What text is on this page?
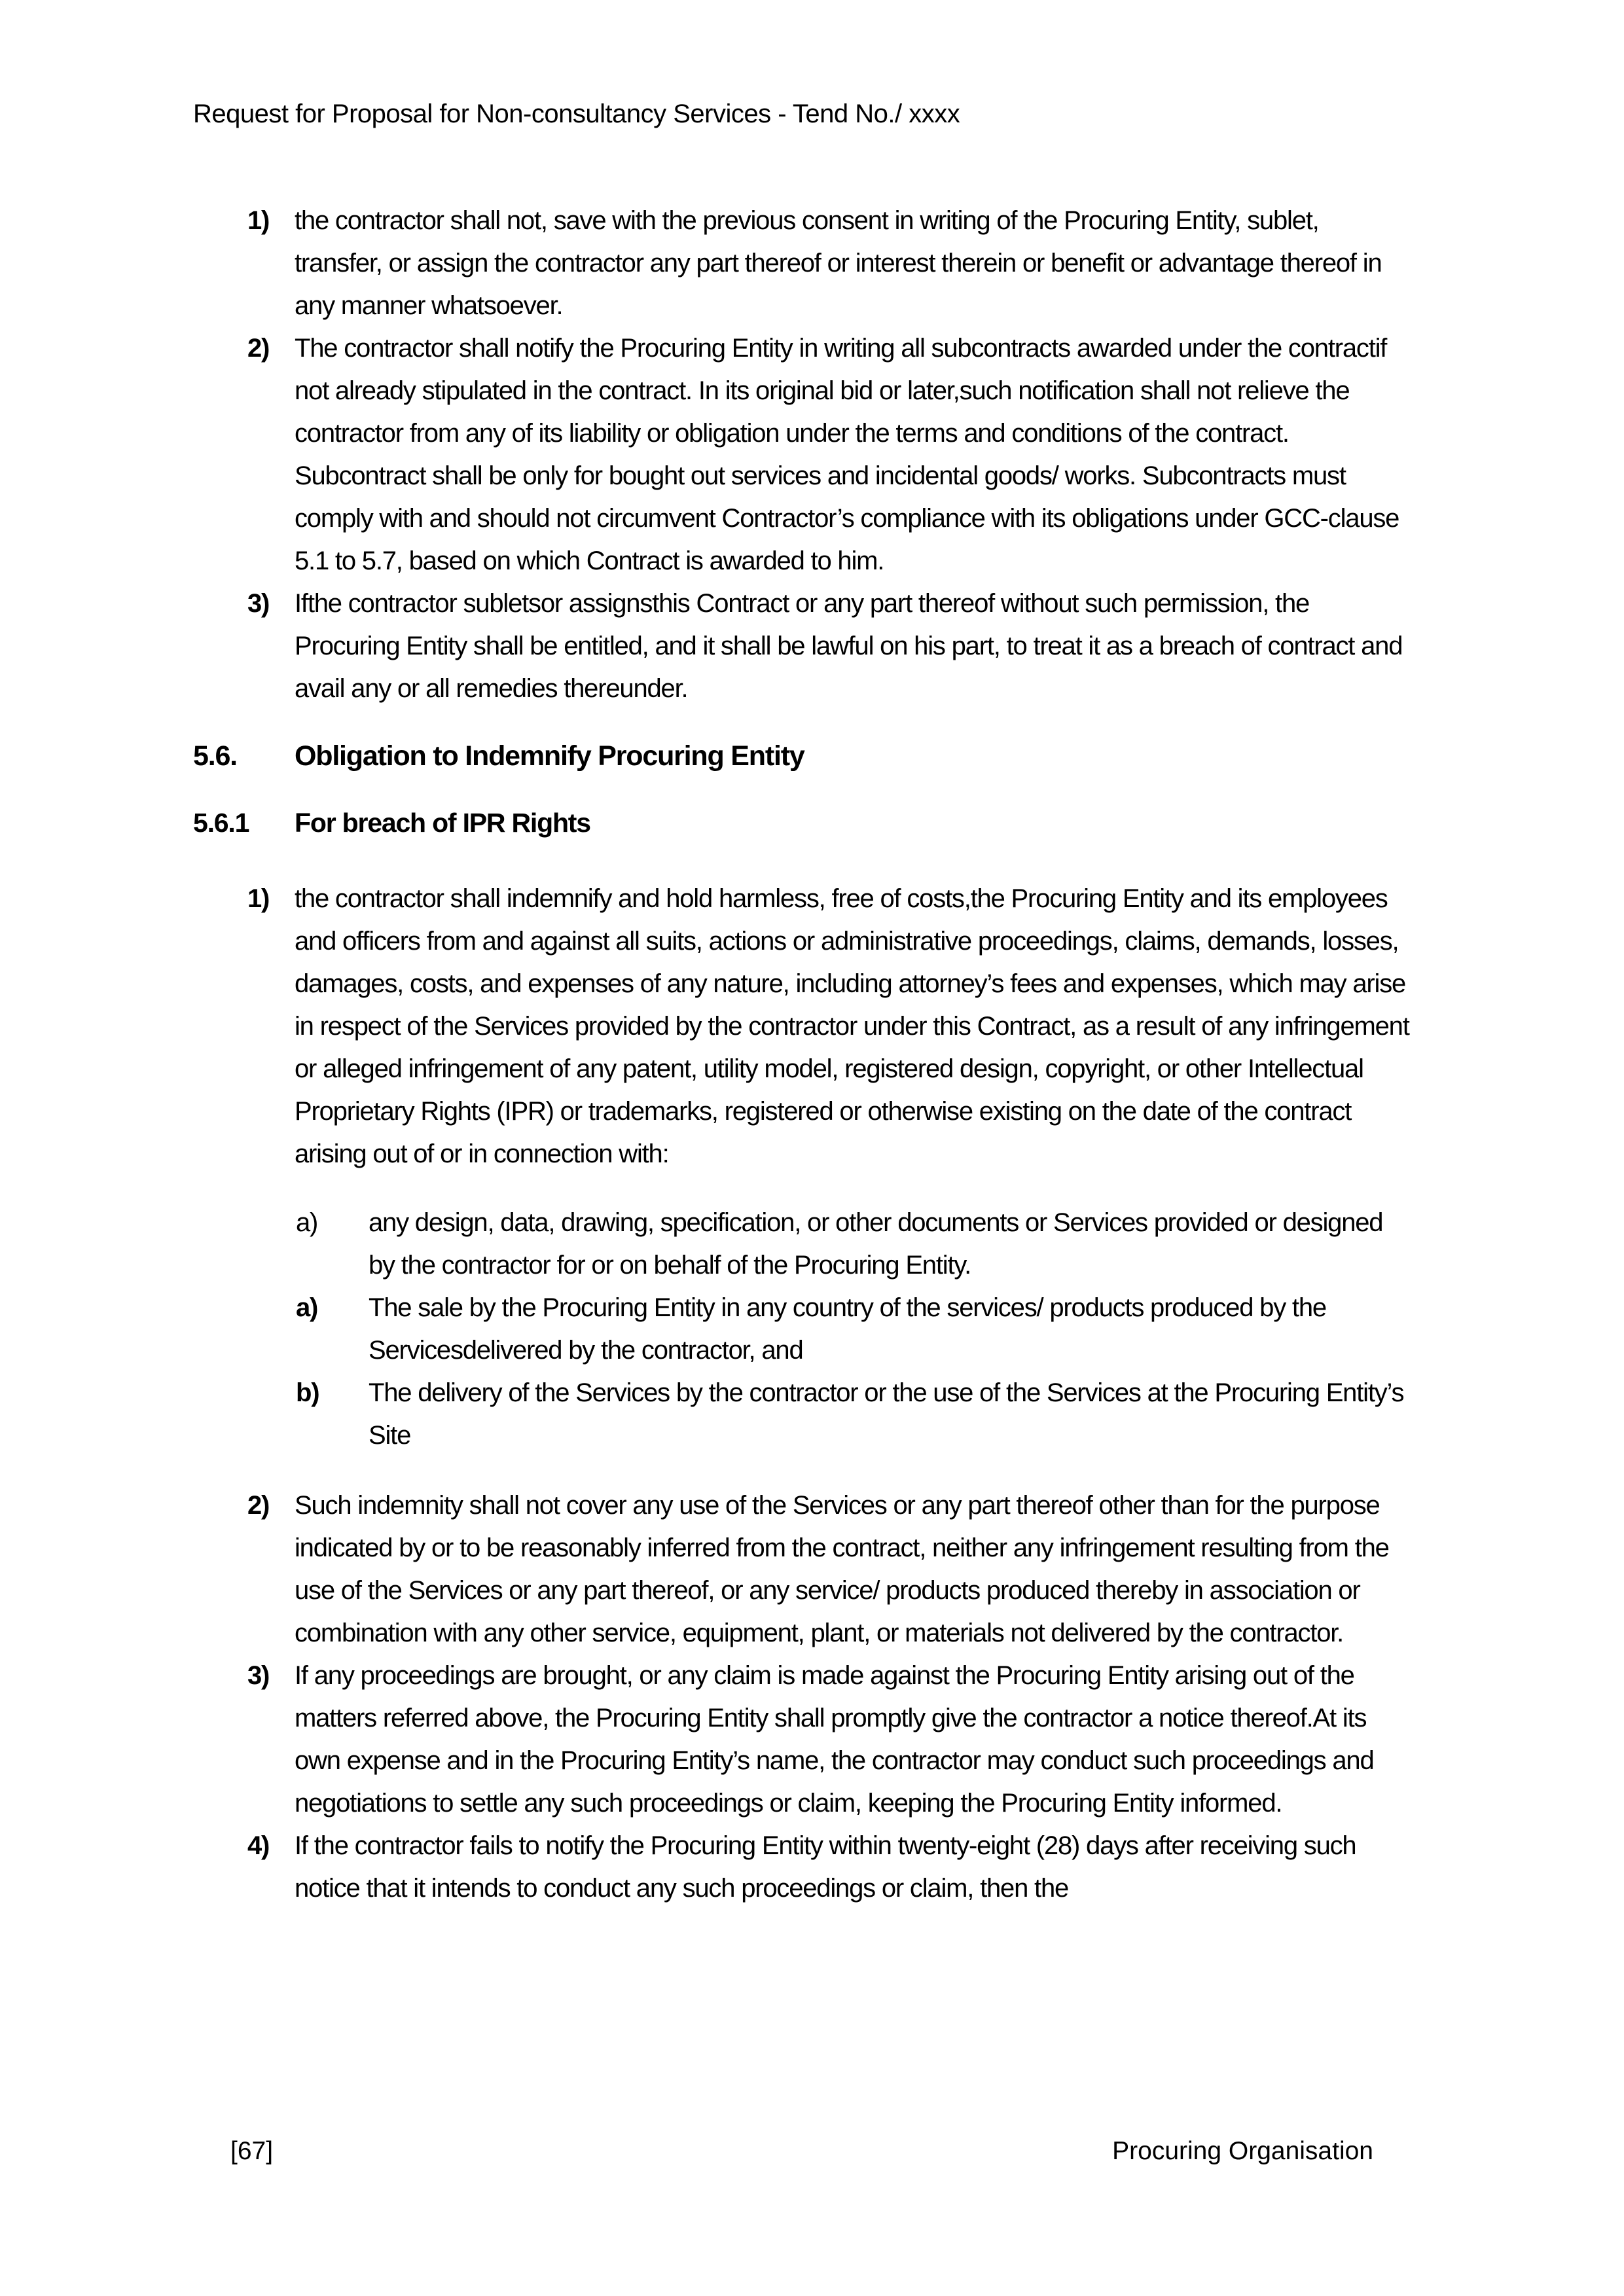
Request for Proposal for Non-consultancy Services - Tend No./ xxxx
1) the contractor shall not, save with the previous consent in writing of the Procuring Entity, sublet, transfer, or assign the contractor any part thereof or interest therein or benefit or advantage thereof in any manner whatsoever.
2) The contractor shall notify the Procuring Entity in writing all subcontracts awarded under the contractif not already stipulated in the contract. In its original bid or later,such notification shall not relieve the contractor from any of its liability or obligation under the terms and conditions of the contract. Subcontract shall be only for bought out services and incidental goods/ works. Subcontracts must comply with and should not circumvent Contractor’s compliance with its obligations under GCC-clause 5.1 to 5.7, based on which Contract is awarded to him.
3) Ifthe contractor subletsor assignsthis Contract or any part thereof without such permission, the Procuring Entity shall be entitled, and it shall be lawful on his part, to treat it as a breach of contract and avail any or all remedies thereunder.
5.6.	Obligation to Indemnify Procuring Entity
5.6.1	For breach of IPR Rights
1) the contractor shall indemnify and hold harmless, free of costs,the Procuring Entity and its employees and officers from and against all suits, actions or administrative proceedings, claims, demands, losses, damages, costs, and expenses of any nature, including attorney’s fees and expenses, which may arise in respect of the Services provided by the contractor under this Contract, as a result of any infringement or alleged infringement of any patent, utility model, registered design, copyright, or other Intellectual Proprietary Rights (IPR) or trademarks, registered or otherwise existing on the date of the contract arising out of or in connection with:
a)	any design, data, drawing, specification, or other documents or Services provided or designed by the contractor for or on behalf of the Procuring Entity.
a)	The sale by the Procuring Entity in any country of the services/ products produced by the Servicesdelivered by the contractor, and
b)	The delivery of the Services by the contractor or the use of the Services at the Procuring Entity’s Site
2) Such indemnity shall not cover any use of the Services or any part thereof other than for the purpose indicated by or to be reasonably inferred from the contract, neither any infringement resulting from the use of the Services or any part thereof, or any service/ products produced thereby in association or combination with any other service, equipment, plant, or materials not delivered by the contractor.
3) If any proceedings are brought, or any claim is made against the Procuring Entity arising out of the matters referred above, the Procuring Entity shall promptly give the contractor a notice thereof.At its own expense and in the Procuring Entity’s name, the contractor may conduct such proceedings and negotiations to settle any such proceedings or claim, keeping the Procuring Entity informed.
4) If the contractor fails to notify the Procuring Entity within twenty-eight (28) days after receiving such notice that it intends to conduct any such proceedings or claim, then the
[67]	Procuring Organisation
